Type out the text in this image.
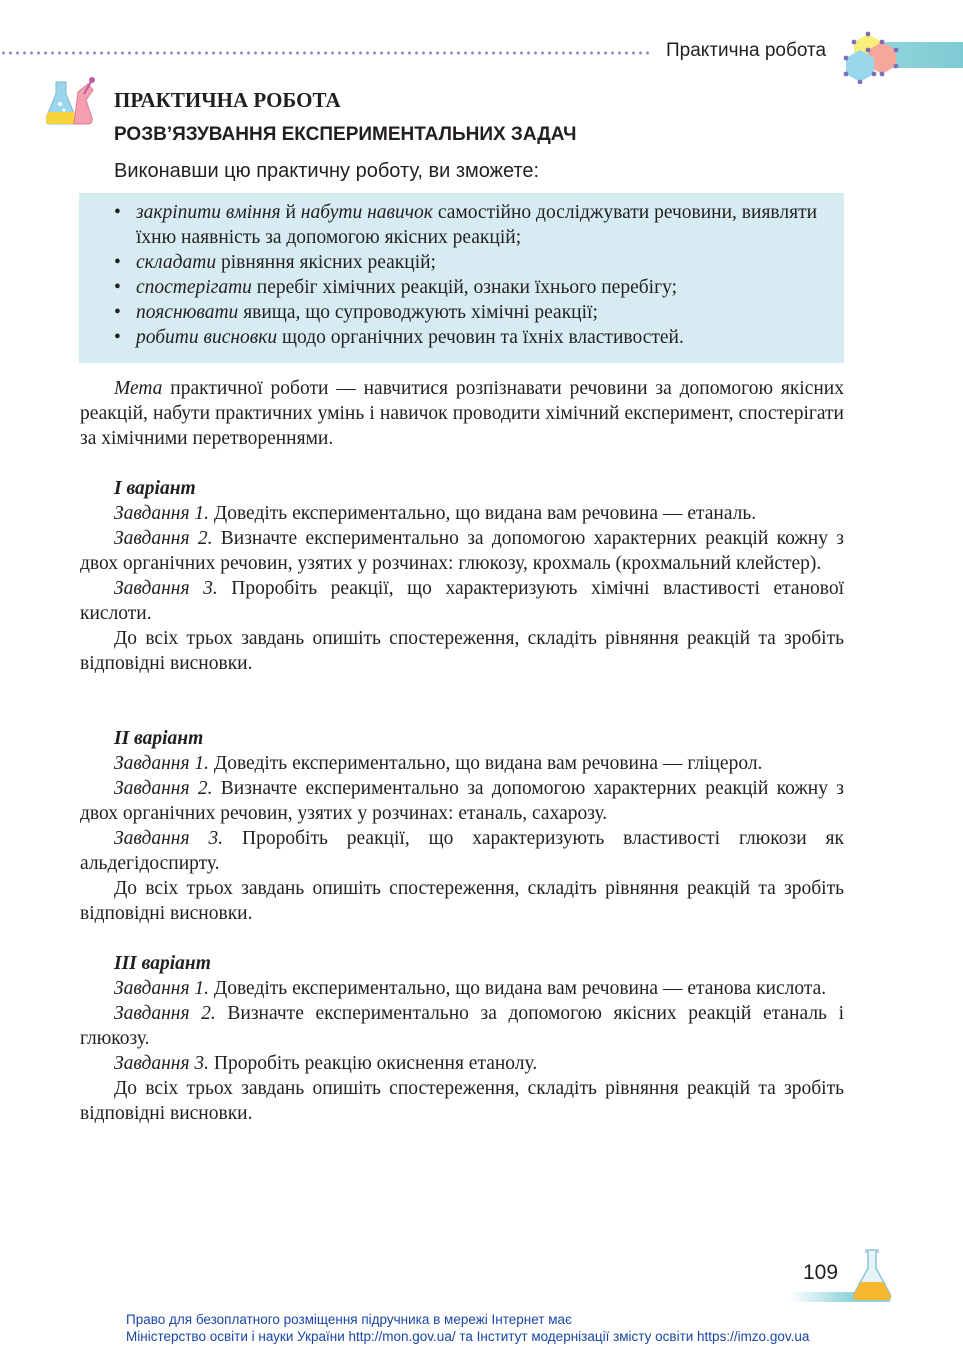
Практична робота
ПРАКТИЧНА РОБОТА
РОЗВ’ЯЗУВАННЯ ЕКСПЕРИМЕНТАЛЬНИХ ЗАДАЧ
Виконавши цю практичну роботу, ви зможете:
• закріпити вміння й набути навичок самостійно досліджувати речовини, виявляти їхню наявність за допомогою якісних реакцій;
• складати рівняння якісних реакцій;
• спостерігати перебіг хімічних реакцій, ознаки їхнього перебігу;
• пояснювати явища, що супроводжують хімічні реакції;
• робити висновки щодо органічних речовин та їхніх властивостей.

Мета практичної роботи — навчитися розпізнавати речовини за допомогою якісних реакцій, набути практичних умінь і навичок проводити хімічний експеримент, спостерігати за хімічними перетвореннями.

I варіант

Завдання 1. Доведіть експериментально, що видана вам речовина — етаналь.

Завдання 2. Визначте експериментально за допомогою характерних реакцій кожну з двох органічних речовин, узятих у розчинах: глюкозу, крохмаль (крохмальний клейстер).

Завдання 3. Проробіть реакції, що характеризують хімічні властивості етанової кислоти.

До всіх трьох завдань опишіть спостереження, складіть рівняння реакцій та зробіть відповідні висновки.

II варіант

Завдання 1. Доведіть експериментально, що видана вам речовина — гліцерол.

Завдання 2. Визначте експериментально за допомогою характерних реакцій кожну з двох органічних речовин, узятих у розчинах: етаналь, сахарозу.

Завдання 3. Проробіть реакції, що характеризують властивості глюкози як альдегідоспирту.

До всіх трьох завдань опишіть спостереження, складіть рівняння реакцій та зробіть відповідні висновки.

III варіант

Завдання 1. Доведіть експериментально, що видана вам речовина — етанова кислота.

Завдання 2. Визначте експериментально за допомогою якісних реакцій етаналь і глюкозу.

Завдання 3. Проробіть реакцію окиснення етанолу.

До всіх трьох завдань опишіть спостереження, складіть рівняння реакцій та зробіть відповідні висновки.

109
Право для безоплатного розміщення підручника в мережі Інтернет має
Міністерство освіти і науки України http://mon.gov.ua/ та Інститут модернізації змісту освіти https://imzo.gov.ua
